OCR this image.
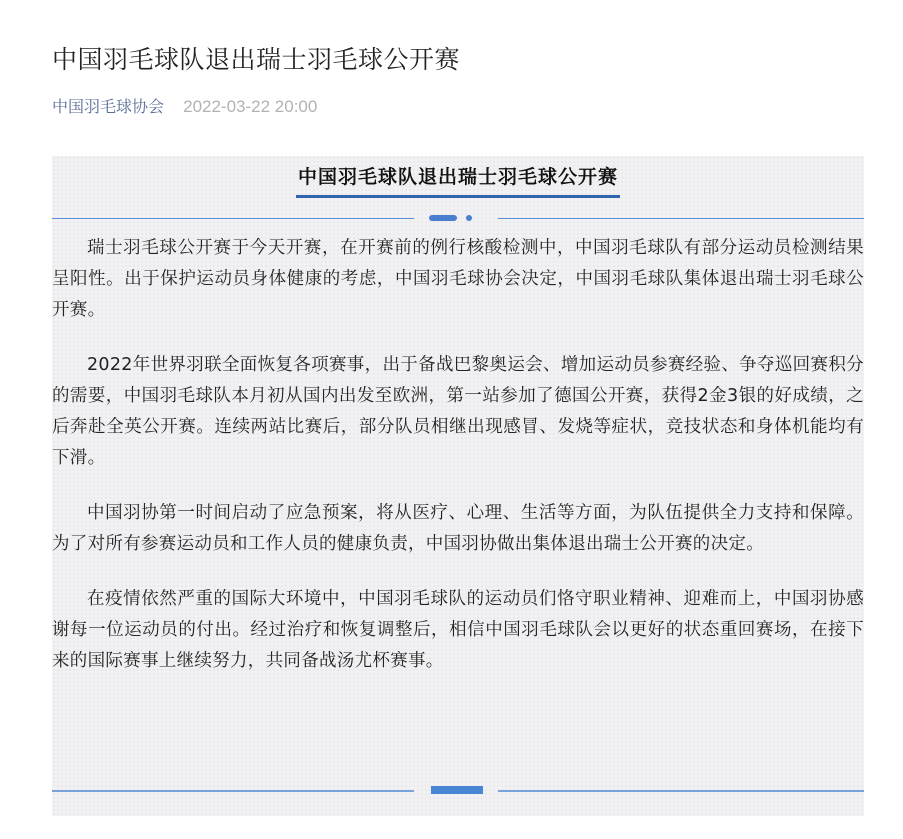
中国羽毛球队退出瑞士羽毛球公开赛
中国羽毛球协会 2022-03-22 20:00
中国羽毛球队退出瑞士羽毛球公开赛

瑞士羽毛球公开赛于今天开赛，在开赛前的例行核酸检测中，中国羽毛球队有部分运动员检测结果呈阳性。出于保护运动员身体健康的考虑，中国羽毛球协会决定，中国羽毛球队集体退出瑞士羽毛球公开赛。

2022年世界羽联全面恢复各项赛事，出于备战巴黎奥运会、增加运动员参赛经验、争夺巡回赛积分的需要，中国羽毛球队本月初从国内出发至欧洲，第一站参加了德国公开赛，获得2金3银的好成绩，之后奔赴全英公开赛。连续两站比赛后，部分队员相继出现感冒、发烧等症状，竞技状态和身体机能均有下滑。

中国羽协第一时间启动了应急预案，将从医疗、心理、生活等方面，为队伍提供全力支持和保障。为了对所有参赛运动员和工作人员的健康负责，中国羽协做出集体退出瑞士公开赛的决定。

在疫情依然严重的国际大环境中，中国羽毛球队的运动员们恪守职业精神、迎难而上，中国羽协感谢每一位运动员的付出。经过治疗和恢复调整后，相信中国羽毛球队会以更好的状态重回赛场，在接下来的国际赛事上继续努力，共同备战汤尤杯赛事。
